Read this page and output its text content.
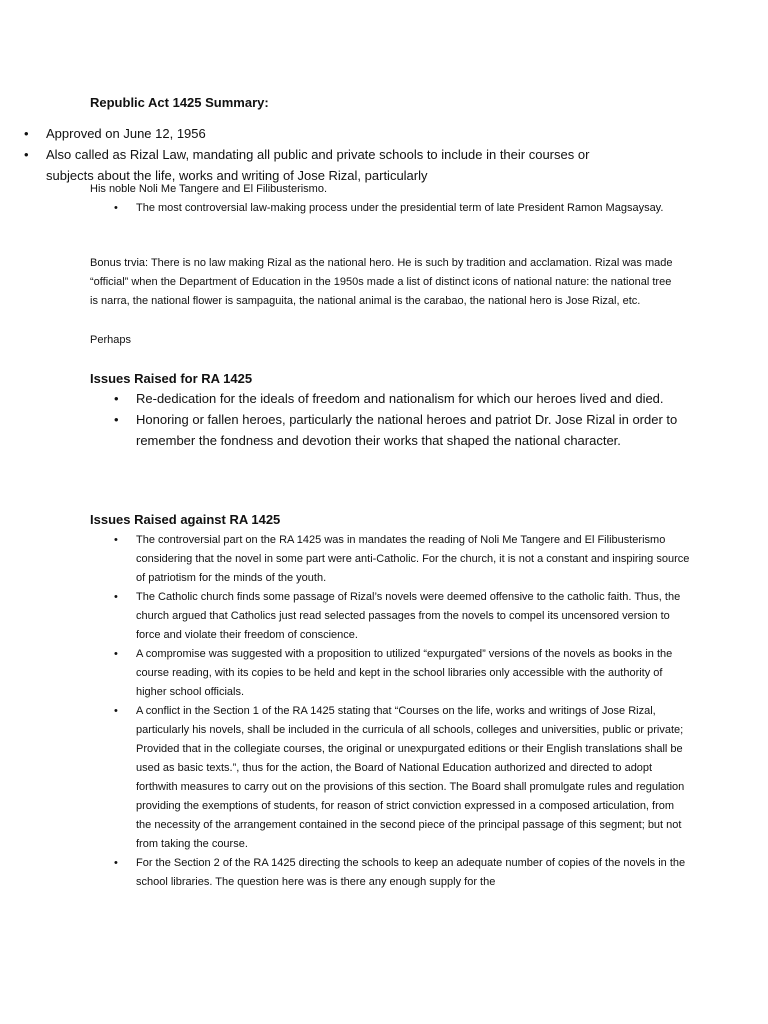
Republic Act 1425 Summary:
• Approved on June 12, 1956
• Also called as Rizal Law, mandating all public and private schools to include in their courses or subjects about the life, works and writing of Jose Rizal, particularly
His noble Noli Me Tangere and El Filibusterismo.
• The most controversial law-making process under the presidential term of late President Ramon Magsaysay.
Bonus trvia: There is no law making Rizal as the national hero. He is such by tradition and acclamation. Rizal was made “official” when the Department of Education in the 1950s made a list of distinct icons of national nature: the national tree is narra, the national flower is sampaguita, the national animal is the carabao, the national hero is Jose Rizal, etc.
Perhaps
Issues Raised for RA 1425
• Re-dedication for the ideals of freedom and nationalism for which our heroes lived and died.
• Honoring or fallen heroes, particularly the national heroes and patriot Dr. Jose Rizal in order to remember the fondness and devotion their works that shaped the national character.
Issues Raised against RA 1425
• The controversial part on the RA 1425 was in mandates the reading of Noli Me Tangere and El Filibusterismo considering that the novel in some part were anti-Catholic. For the church, it is not a constant and inspiring source of patriotism for the minds of the youth.
• The Catholic church finds some passage of Rizal’s novels were deemed offensive to the catholic faith. Thus, the church argued that Catholics just read selected passages from the novels to compel its uncensored version to force and violate their freedom of conscience.
• A compromise was suggested with a proposition to utilized “expurgated” versions of the novels as books in the course reading, with its copies to be held and kept in the school libraries only accessible with the authority of higher school officials.
• A conflict in the Section 1 of the RA 1425 stating that “Courses on the life, works and writings of Jose Rizal, particularly his novels, shall be included in the curricula of all schools, colleges and universities, public or private; Provided that in the collegiate courses, the original or unexpurgated editions or their English translations shall be used as basic texts.”, thus for the action, the Board of National Education authorized and directed to adopt forthwith measures to carry out on the provisions of this section. The Board shall promulgate rules and regulation providing the exemptions of students, for reason of strict conviction expressed in a composed articulation, from the necessity of the arrangement contained in the second piece of the principal passage of this segment; but not from taking the course.
• For the Section 2 of the RA 1425 directing the schools to keep an adequate number of copies of the novels in the school libraries. The question here was is there any enough supply for the
